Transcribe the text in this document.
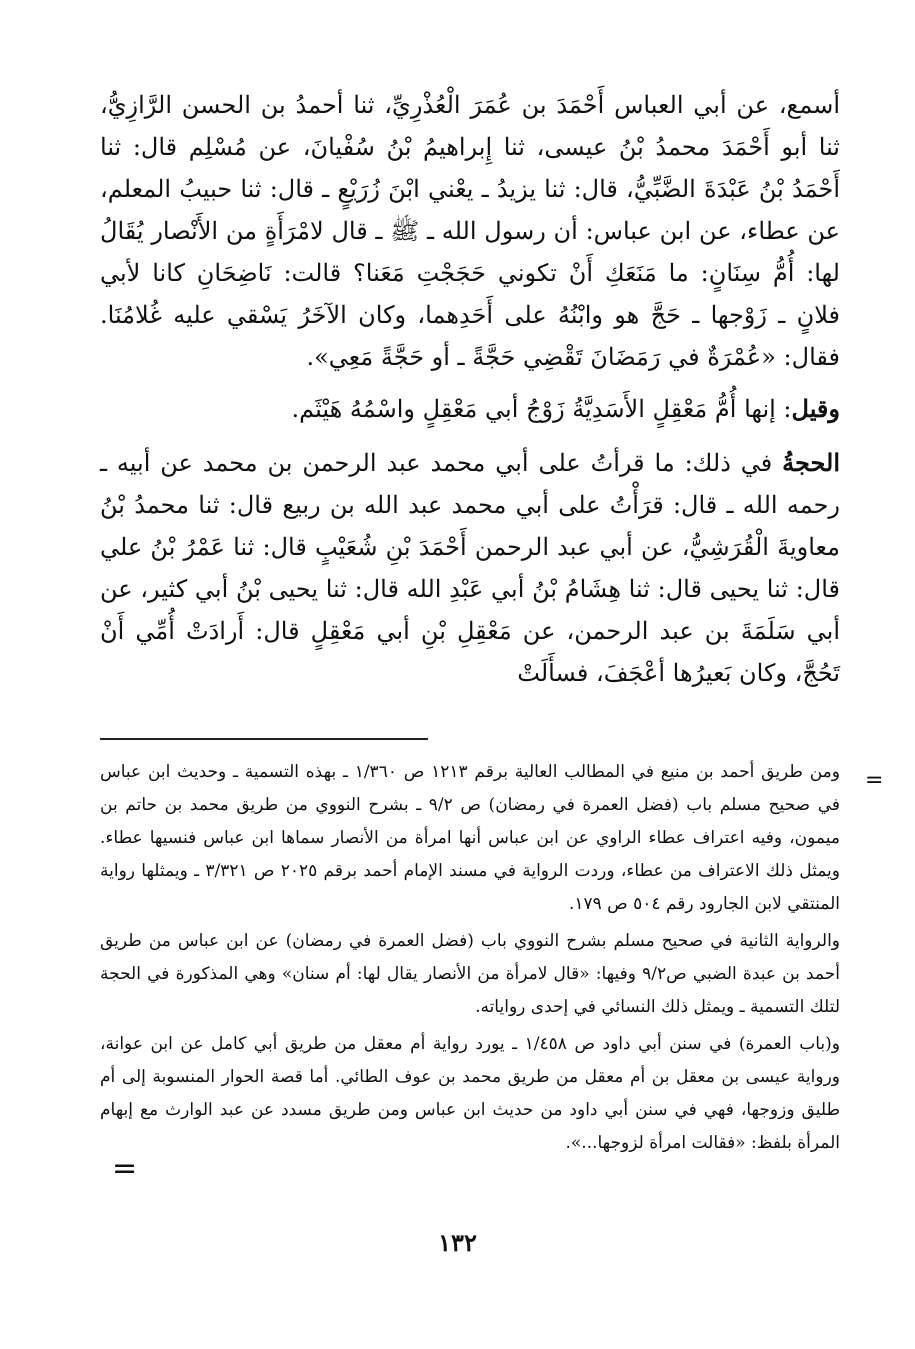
أسمع، عن أبي العباس أَحْمَدَ بن عُمَرَ الْعُذْرِيِّ، ثنا أحمدُ بن الحسن الرَّازِيُّ، ثنا أبو أَحْمَدَ محمدُ بْنُ عيسى، ثنا إِبراهيمُ بْنُ سُفْيانَ، عن مُسْلِم قال: ثنا أَحْمَدُ بْنُ عَبْدَةَ الضَّبِّيُّ، قال: ثنا يزيدُ ـ يعْني ابْنَ زُرَيْعٍ ـ قال: ثنا حبيبُ المعلم، عن عطاء، عن ابن عباس: أن رسول الله ـ ﷺ ـ قال لامْرَأَةٍ من الأَنْصار يُقَالُ لها: أُمُّ سِنَانٍ: ما مَنَعَكِ أَنْ تكوني حَجَجْتِ مَعَنا؟ قالت: نَاضِحَانِ كانا لأبي فلانٍ ـ زَوْجها ـ حَجَّ هو وابْنُهُ على أَحَدِهما، وكان الآخَرُ يَسْقي عليه غُلامُنَا. فقال: «عُمْرَةٌ في رَمَضَانَ تَقْضِي حَجَّةً ـ أو حَجَّةً مَعِي».

وقيل: إنها أُمُّ مَعْقِلٍ الأَسَدِيَّةُ زَوْجُ أبي مَعْقِلٍ واسْمُهُ هَيْثَم.

الحجةُ في ذلك: ما قرأتُ على أبي محمد عبد الرحمن بن محمد عن أبيه ـ رحمه الله ـ قال: قرَأْتُ على أبي محمد عبد الله بن ربيع قال: ثنا محمدُ بْنُ معاويةَ الْقُرَشِيُّ، عن أبي عبد الرحمن أَحْمَدَ بْنِ شُعَيْبٍ قال: ثنا عَمْرُ بْنُ علي قال: ثنا يحيى قال: ثنا هِشَامُ بْنُ أبي عَبْدِ الله قال: ثنا يحيى بْنُ أبي كثير، عن أبي سَلَمَةَ بن عبد الرحمن، عن مَعْقِلِ بْنِ أبي مَعْقِلٍ قال: أَرادَتْ أُمِّي أَنْ تَحُجَّ، وكان بَعيرُها أعْجَفَ، فسأَلَتْ

=

ومن طريق أحمد بن منيع في المطالب العالية برقم ١٢١٣ ص ١/٣٦٠ ـ بهذه التسمية ـ وحديث ابن عباس في صحيح مسلم باب (فضل العمرة في رمضان) ص ٩/٢ ـ بشرح النووي من طريق محمد بن حاتم بن ميمون، وفيه اعتراف عطاء الراوي عن ابن عباس أنها امرأة من الأنصار سماها ابن عباس فنسيها عطاء. ويمثل ذلك الاعتراف من عطاء، وردت الرواية في مسند الإمام أحمد برقم ٢٠٢٥ ص ٣/٣٢١ ـ ويمثلها رواية المنتقي لابن الجارود رقم ٥٠٤ ص ١٧٩.

والرواية الثانية في صحيح مسلم بشرح النووي باب (فضل العمرة في رمضان) عن ابن عباس من طريق أحمد بن عبدة الضبي ص٩/٢ وفيها: «قال لامرأة من الأنصار يقال لها: أم سنان» وهي المذكورة في الحجة لتلك التسمية ـ ويمثل ذلك النسائي في إحدى رواياته.

و(باب العمرة) في سنن أبي داود ص ١/٤٥٨ ـ يورد رواية أم معقل من طريق أبي كامل عن ابن عوانة، ورواية عيسى بن معقل بن أم معقل من طريق محمد بن عوف الطائي. أما قصة الحوار المنسوبة إلى أم طليق وزوجها، فهي في سنن أبي داود من حديث ابن عباس ومن طريق مسدد عن عبد الوارث مع إبهام المرأة بلفظ: «فقالت امرأة لزوجها...».

=
١٣٢
